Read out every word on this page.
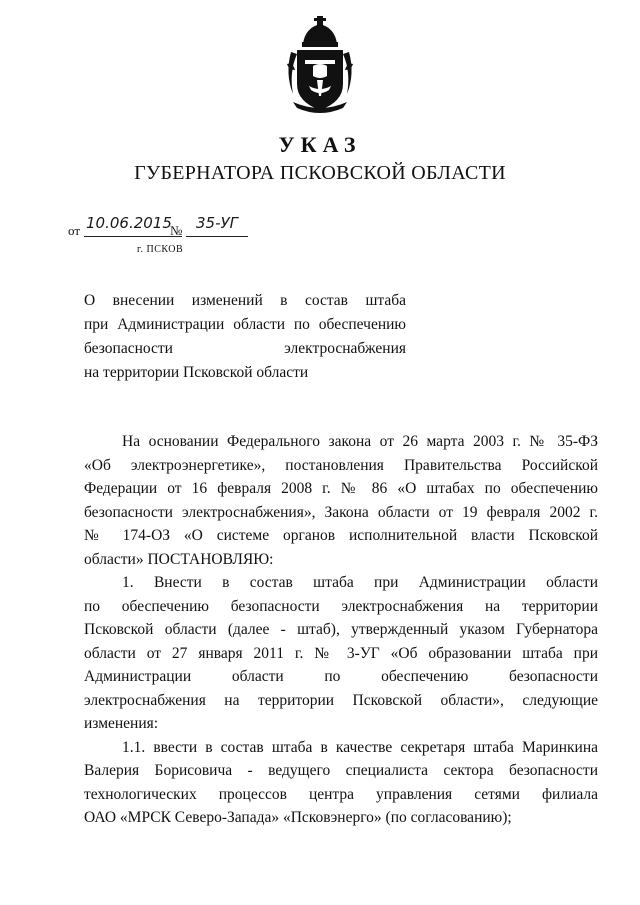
УКАЗ
ГУБЕРНАТОРА ПСКОВСКОЙ ОБЛАСТИ
от 10.06.2015
№ 35-УГ
г. ПСКОВ
О внесении изменений в состав штаба
при Администрации области по обеспечению
безопасности электроснабжения
на территории Псковской области
На основании Федерального закона от 26 марта 2003 г. № 35-ФЗ
«Об электроэнергетике», постановления Правительства Российской
Федерации от 16 февраля 2008 г. № 86 «О штабах по обеспечению
безопасности электроснабжения», Закона области от 19 февраля 2002 г.
№ 174-ОЗ «О системе органов исполнительной власти Псковской
области» ПОСТАНОВЛЯЮ:
1. Внести в состав штаба при Администрации области
по обеспечению безопасности электроснабжения на территории
Псковской области (далее - штаб), утвержденный указом Губернатора
области от 27 января 2011 г. № 3-УГ «Об образовании штаба при
Администрации области по обеспечению безопасности
электроснабжения на территории Псковской области», следующие
изменения:
1.1. ввести в состав штаба в качестве секретаря штаба Маринкина
Валерия Борисовича - ведущего специалиста сектора безопасности
технологических процессов центра управления сетями филиала
ОАО «МРСК Северо-Запада» «Псковэнерго» (по согласованию);
